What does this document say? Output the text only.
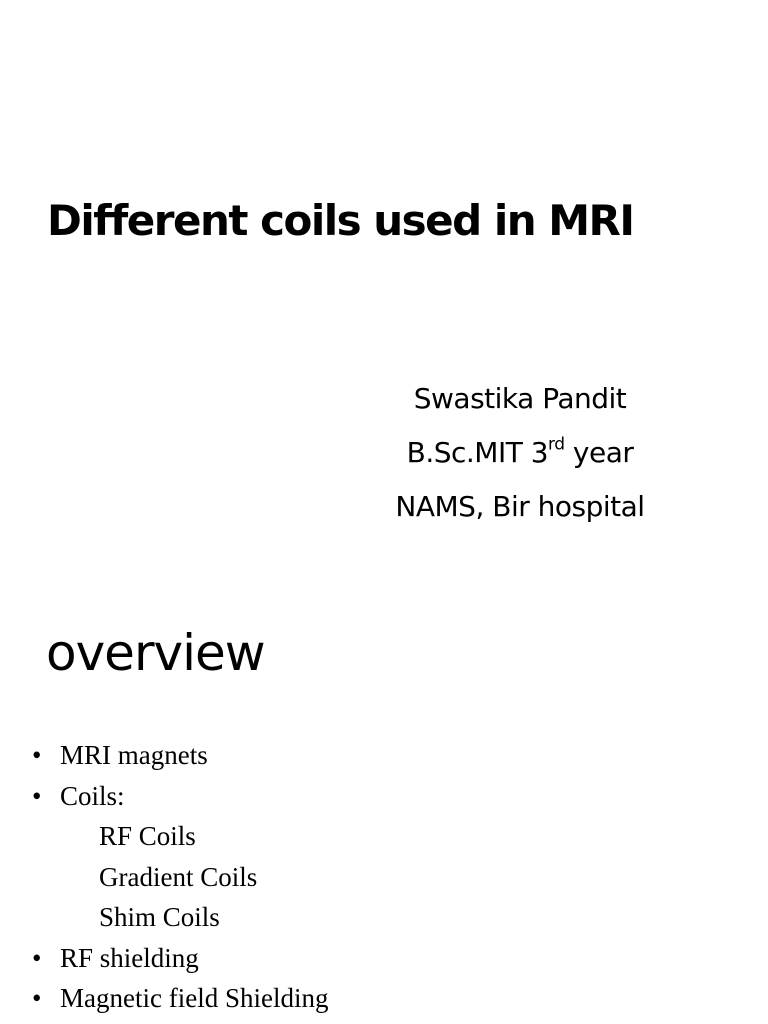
Different coils used in MRI
Swastika Pandit
B.Sc.MIT 3rd year
NAMS, Bir hospital
overview
• MRI magnets
• Coils:
RF Coils
Gradient Coils
Shim Coils
• RF shielding
• Magnetic field Shielding
